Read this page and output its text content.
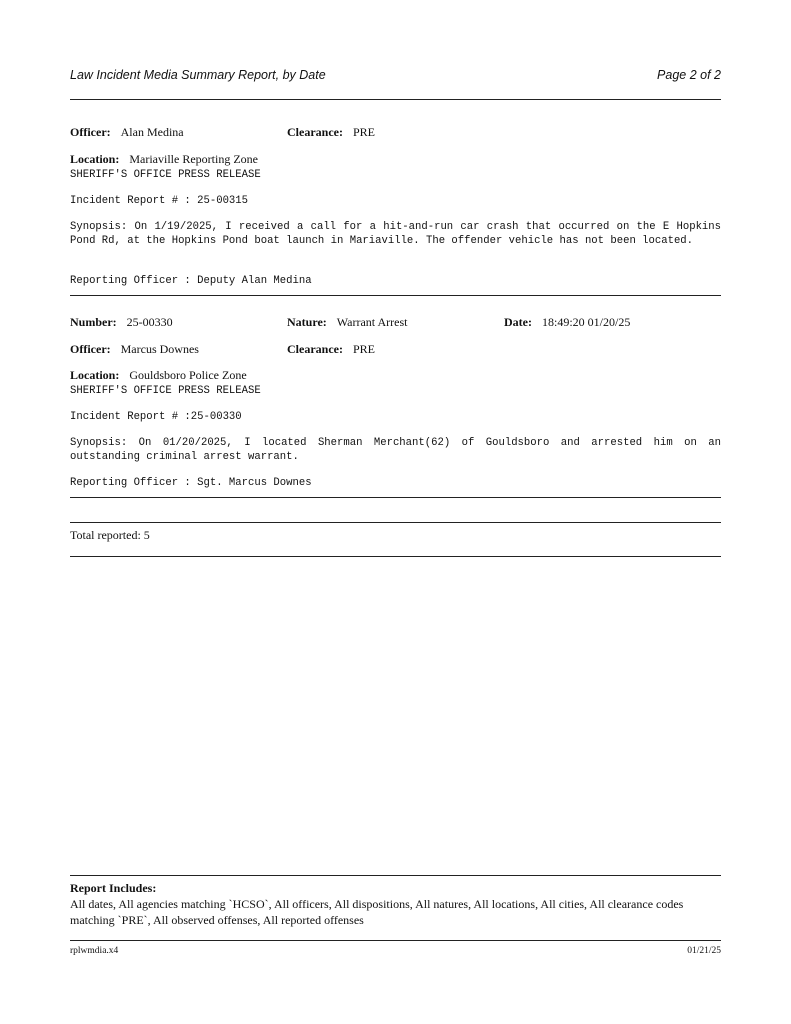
Law Incident Media Summary Report, by Date	Page 2 of 2
Officer: Alan Medina	Clearance: PRE
Location: Mariaville Reporting Zone
SHERIFF'S OFFICE PRESS RELEASE
Incident Report # : 25-00315
Synopsis: On 1/19/2025, I received a call for a hit-and-run car crash that occurred on the E Hopkins Pond Rd, at the Hopkins Pond boat launch in Mariaville. The offender vehicle has not been located.
Reporting Officer : Deputy Alan Medina
Number: 25-00330	Nature: Warrant Arrest	Date: 18:49:20 01/20/25
Officer: Marcus Downes	Clearance: PRE
Location: Gouldsboro Police Zone
SHERIFF'S OFFICE PRESS RELEASE
Incident Report # :25-00330
Synopsis: On 01/20/2025, I located Sherman Merchant(62) of Gouldsboro and arrested him on an outstanding criminal arrest warrant.
Reporting Officer : Sgt. Marcus Downes
Total reported: 5
Report Includes:
All dates, All agencies matching `HCSO`, All officers, All dispositions, All natures, All locations, All cities, All clearance codes matching `PRE`, All observed offenses, All reported offenses
rplwmdia.x4	01/21/25
